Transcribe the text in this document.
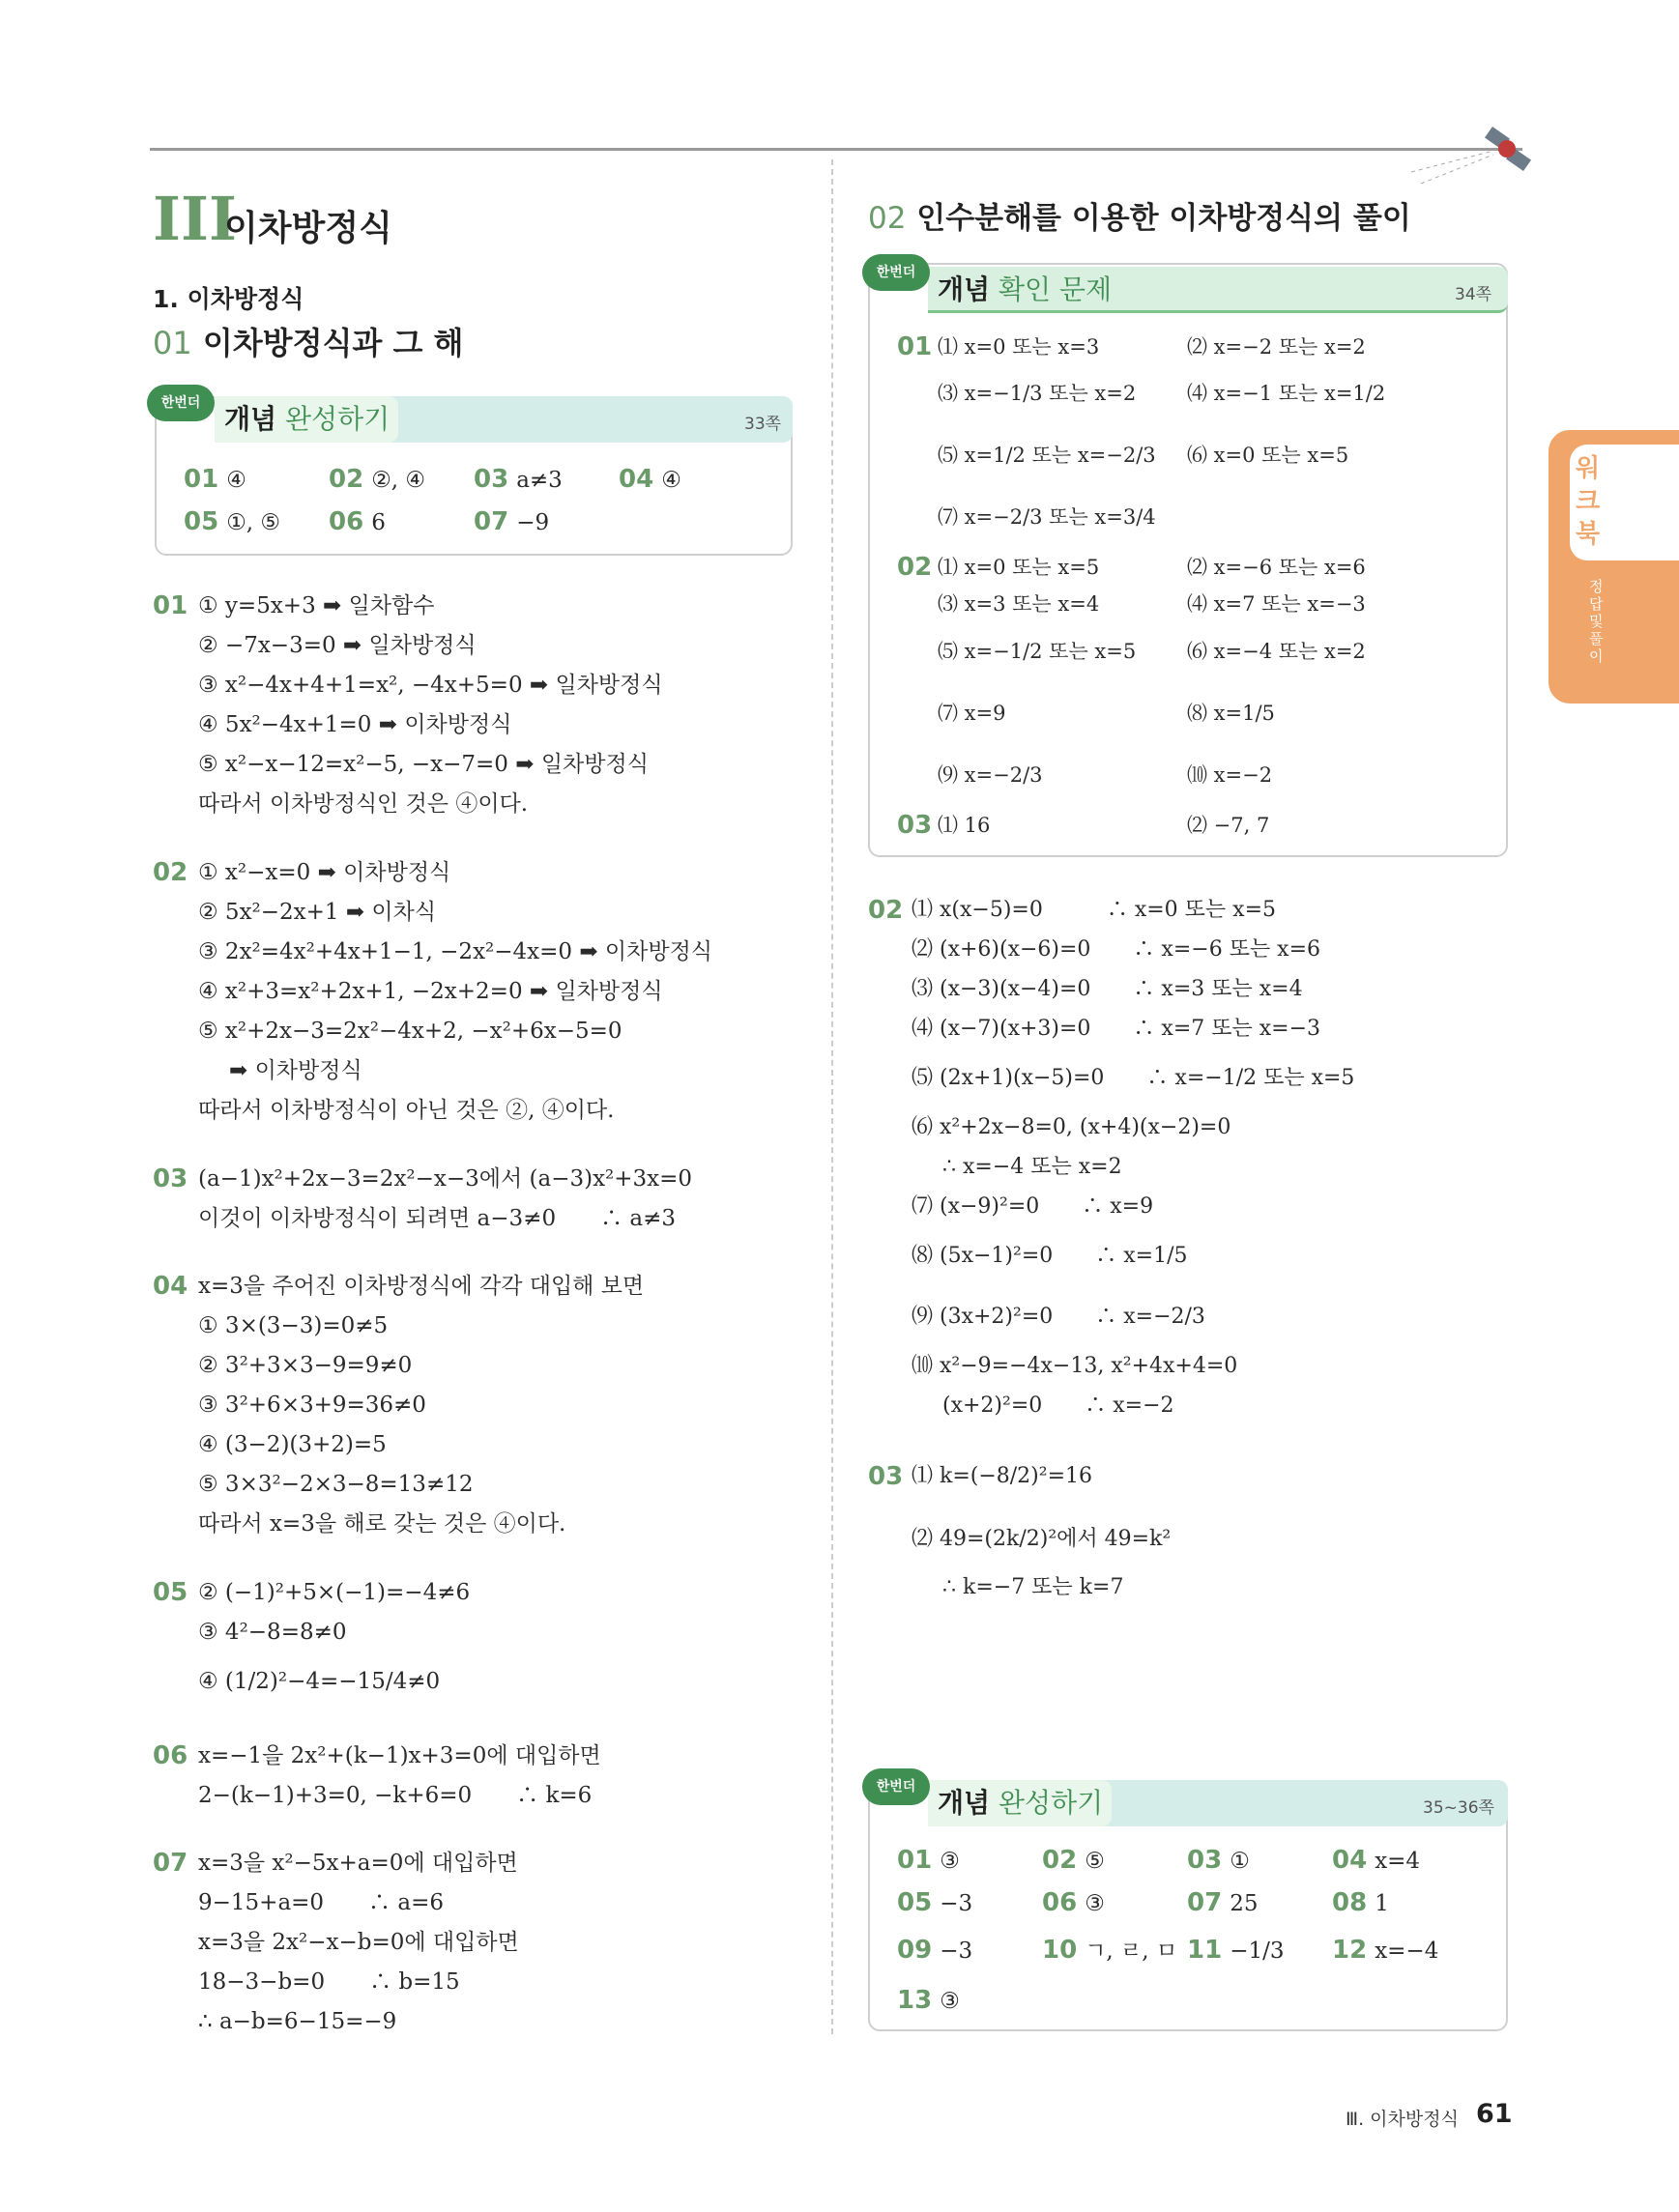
III
이차방정식
1. 이차방정식
01 이차방정식과 그 해
한번더 개념 완성하기	33쪽
01 ④	02 ②, ④ 03 a≠3 04 ④
05 ①, ⑤ 06 6	07 −9
01 ① y=5x+3 ➡ 일차함수
② −7x−3=0 ➡ 일차방정식
③ x²−4x+4+1=x², −4x+5=0 ➡ 일차방정식
④ 5x²−4x+1=0 ➡ 이차방정식
⑤ x²−x−12=x²−5, −x−7=0 ➡ 일차방정식
따라서 이차방정식인 것은 ④이다.
02 ① x²−x=0 ➡ 이차방정식
② 5x²−2x+1 ➡ 이차식
③ 2x²=4x²+4x+1−1, −2x²−4x=0 ➡ 이차방정식
④ x²+3=x²+2x+1, −2x+2=0 ➡ 일차방정식
⑤ x²+2x−3=2x²−4x+2, −x²+6x−5=0
➡ 이차방정식
따라서 이차방정식이 아닌 것은 ②, ④이다.
03 (a−1)x²+2x−3=2x²−x−3에서 (a−3)x²+3x=0
이것이 이차방정식이 되려면 a−3≠0　　∴ a≠3
04 x=3을 주어진 이차방정식에 각각 대입해 보면
① 3×(3−3)=0≠5
② 3²+3×3−9=9≠0
③ 3²+6×3+9=36≠0
④ (3−2)(3+2)=5
⑤ 3×3²−2×3−8=13≠12
따라서 x=3을 해로 갖는 것은 ④이다.
05 ② (−1)²+5×(−1)=−4≠6
③ 4²−8=8≠0
④ (1/2)²−4=−15/4≠0
06 x=−1을 2x²+(k−1)x+3=0에 대입하면
2−(k−1)+3=0, −k+6=0　　∴ k=6
07 x=3을 x²−5x+a=0에 대입하면
9−15+a=0　　∴ a=6
x=3을 2x²−x−b=0에 대입하면
18−3−b=0　　∴ b=15
∴ a−b=6−15=−9
02 인수분해를 이용한 이차방정식의 풀이
한번더
개념 확인 문제	34쪽
01 ⑴ x=0 또는 x=3	⑵ x=−2 또는 x=2
⑶ x=−1/3 또는 x=2	⑷ x=−1 또는 x=1/2
⑸ x=1/2 또는 x=−2/3 ⑹ x=0 또는 x=5
⑺ x=−2/3 또는 x=3/4
02 ⑴ x=0 또는 x=5	⑵ x=−6 또는 x=6
⑶ x=3 또는 x=4	⑷ x=7 또는 x=−3
⑸ x=−1/2 또는 x=5	⑹ x=−4 또는 x=2
⑺ x=9	⑻ x=1/5
⑼ x=−2/3	⑽ x=−2
03 ⑴ 16	⑵ −7, 7
02 ⑴ x(x−5)=0　　　∴ x=0 또는 x=5
⑵ (x+6)(x−6)=0　　∴ x=−6 또는 x=6
⑶ (x−3)(x−4)=0　　∴ x=3 또는 x=4
⑷ (x−7)(x+3)=0　　∴ x=7 또는 x=−3
⑸ (2x+1)(x−5)=0　　∴ x=−1/2 또는 x=5
⑹ x²+2x−8=0, (x+4)(x−2)=0
∴ x=−4 또는 x=2
⑺ (x−9)²=0　　∴ x=9
⑻ (5x−1)²=0　　∴ x=1/5
⑼ (3x+2)²=0　　∴ x=−2/3
⑽ x²−9=−4x−13, x²+4x+4=0
(x+2)²=0　　∴ x=−2
03 ⑴ k=(−8/2)²=16
⑵ 49=(2k/2)²에서 49=k²
∴ k=−7 또는 k=7
한번더 개념 완성하기	35~36쪽
01 ③	02 ⑤	03 ①	04 x=4
05 −3	06 ③	07 25	08 1
09 −3	10 ㄱ, ㄹ, ㅁ 11 −1/3 12 x=−4
13 ③
워크북
정답 및 풀이
Ⅲ. 이차방정식 61
